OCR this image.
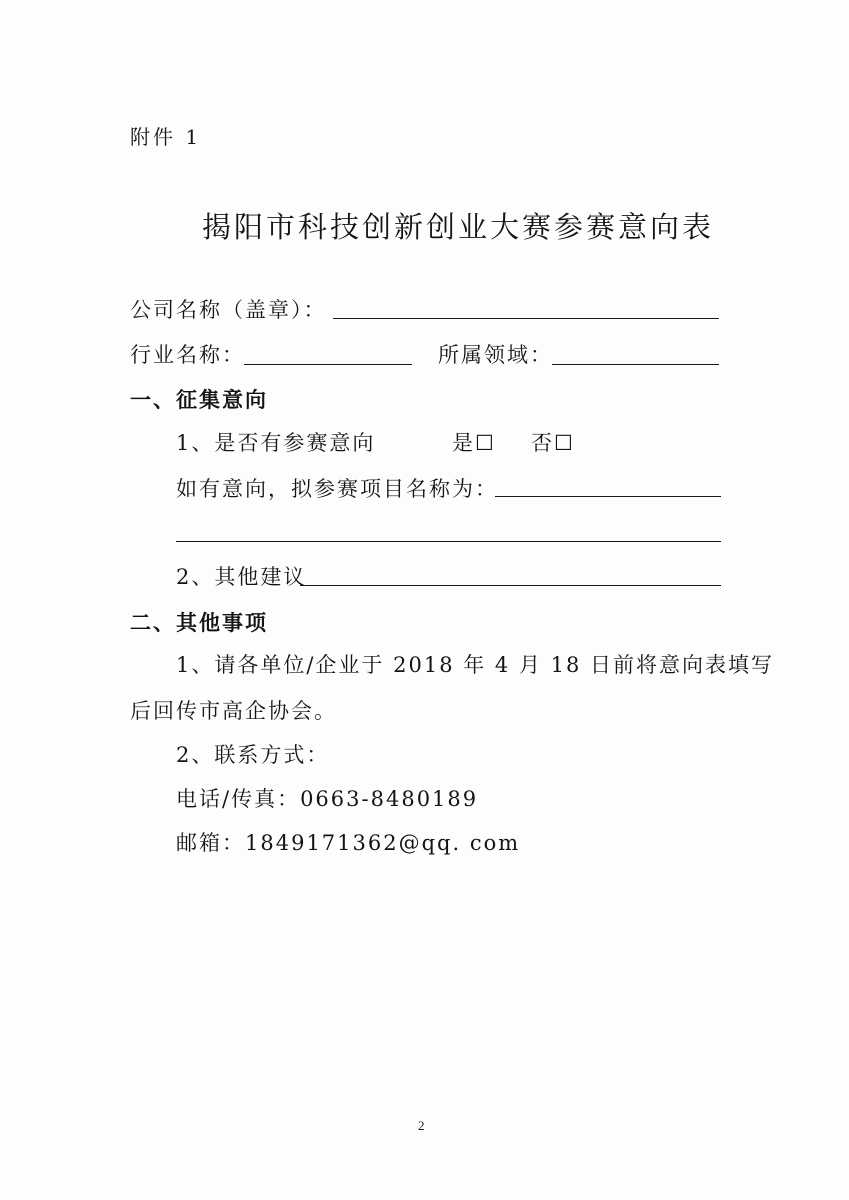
附件 1
揭阳市科技创新创业大赛参赛意向表
公司名称（盖章）：
行业名称：	所属领域：
一、征集意向
1、是否有参赛意向	是☐ 否☐
如有意向，拟参赛项目名称为：
2、其他建议
二、其他事项
1、请各单位/企业于 2018 年 4 月 18 日前将意向表填写
后回传市高企协会。
2、联系方式：
电话/传真：0663-8480189
邮箱：1849171362@qq. com
2
